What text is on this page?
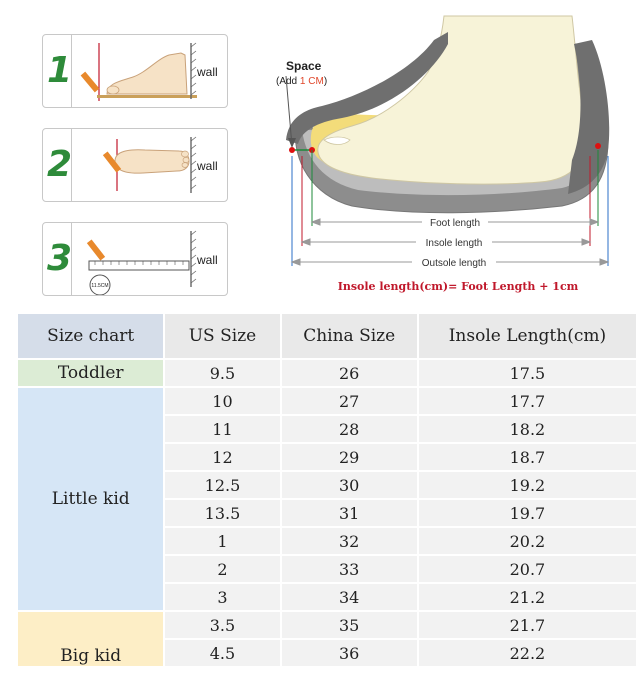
1	wall
2	wall
3
11.5CM
wall
Space
(Add 1 CM)
Foot length
Insole length
Outsole length
Insole length(cm)= Foot Length + 1cm
Size chart	US Size	China Size	Insole Length(cm)
Toddler	9.5	26	17.5
Little kid	10	27	17.7
	11	28	18.2
	12	29	18.7
	12.5	30	19.2
	13.5	31	19.7
	1	32	20.2
	2	33	20.7
	3	34	21.2
Big kid	3.5	35	21.7
	4.5	36	22.2
